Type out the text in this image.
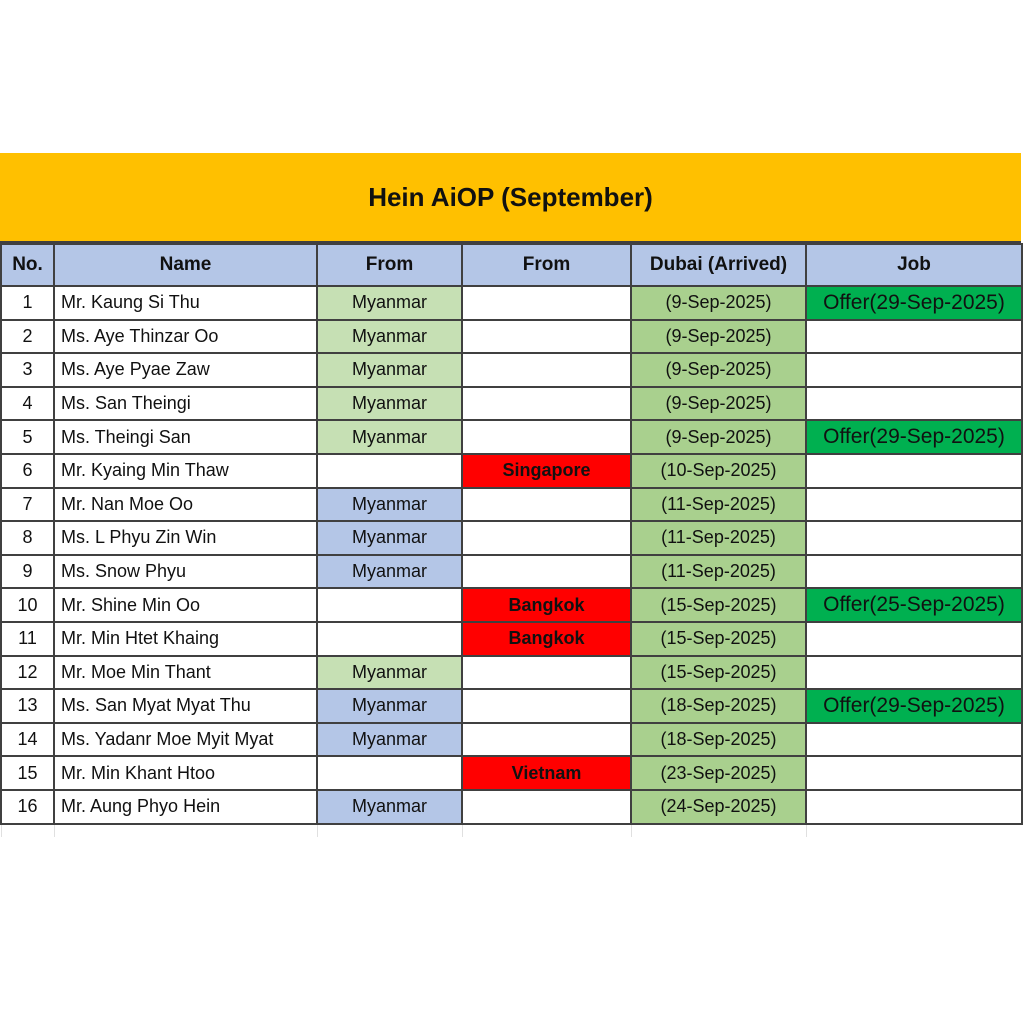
Hein AiOP (September)
No.	Name	From	From	Dubai (Arrived)	Job
1	Mr. Kaung Si Thu	Myanmar		(9-Sep-2025)	Offer(29-Sep-2025)
2	Ms. Aye Thinzar Oo	Myanmar		(9-Sep-2025)	
3	Ms. Aye Pyae Zaw	Myanmar		(9-Sep-2025)	
4	Ms. San Theingi	Myanmar		(9-Sep-2025)	
5	Ms. Theingi San	Myanmar		(9-Sep-2025)	Offer(29-Sep-2025)
6	Mr. Kyaing Min Thaw		Singapore	(10-Sep-2025)	
7	Mr. Nan Moe Oo	Myanmar		(11-Sep-2025)	
8	Ms. L Phyu Zin Win	Myanmar		(11-Sep-2025)	
9	Ms. Snow Phyu	Myanmar		(11-Sep-2025)	
10	Mr. Shine Min Oo		Bangkok	(15-Sep-2025)	Offer(25-Sep-2025)
11	Mr. Min Htet Khaing		Bangkok	(15-Sep-2025)	
12	Mr. Moe Min Thant	Myanmar		(15-Sep-2025)	
13	Ms. San Myat Myat Thu	Myanmar		(18-Sep-2025)	Offer(29-Sep-2025)
14	Ms. Yadanr Moe Myit Myat	Myanmar		(18-Sep-2025)	
15	Mr. Min Khant Htoo		Vietnam	(23-Sep-2025)	
16	Mr. Aung Phyo Hein	Myanmar		(24-Sep-2025)	
